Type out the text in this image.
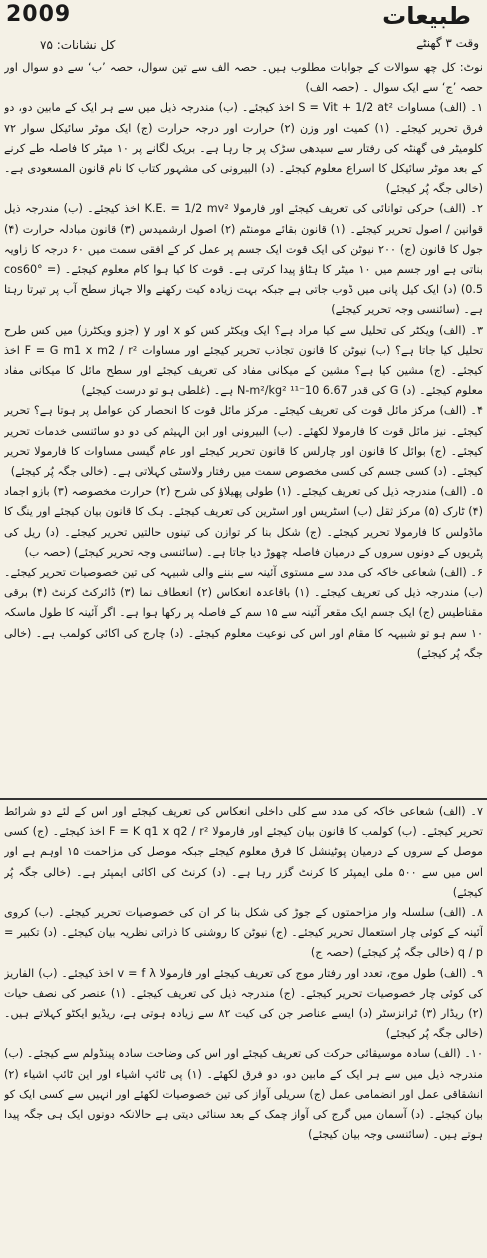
2009	طبیعات
وقت ۳ گھنٹے
کل نشانات: ۷۵

نوٹ: کل چھ سوالات کے جوابات مطلوب ہیں۔ حصہ الف سے تین سوال، حصہ ’ب‘ سے دو سوال اور حصہ ’ج‘ سے ایک سوال ۔ (حصہ الف)

۱۔ (الف) مساوات S = Vit + 1/2 at² اخذ کیجئے۔ (ب) مندرجہ ذیل میں سے ہر ایک کے مابین دو، دو فرق تحریر کیجئے۔ (۱) کمیت اور وزن (۲) حرارت اور درجہ حرارت (ج) ایک موٹر سائیکل سوار ۷۲ کلومیٹر فی گھنٹہ کی رفتار سے سیدھی سڑک پر جا رہا ہے۔ بریک لگانے پر ۱۰ میٹر کا فاصلہ طے کرنے کے بعد موٹر سائیکل کا اسراع معلوم کیجئے۔ (د) البیرونی کی مشہور کتاب کا نام قانون المسعودی ہے۔ (خالی جگہ پُر کیجئے)

۲۔ (الف) حرکی توانائی کی تعریف کیجئے اور فارمولا K.E. = 1/2 mv² اخذ کیجئے۔ (ب) مندرجہ ذیل قوانین / اصول تحریر کیجئے۔ (۱) قانون بقائے مومنٹم (۲) اصول ارشمیدس (۳) قانون مبادلہ حرارت (۴) جول کا قانون (ج) ۲۰۰ نیوٹن کی ایک قوت ایک جسم پر عمل کر کے افقی سمت میں ۶۰ درجہ کا زاویہ بناتی ہے اور جسم میں ۱۰ میٹر کا ہٹاؤ پیدا کرتی ہے۔ قوت کا کیا ہوا کام معلوم کیجئے۔ (cos60° = 0.5) (د) ایک کیل پانی میں ڈوب جاتی ہے جبکہ بہت زیادہ کیت رکھنے والا جہاز سطح آب پر تیرتا رہتا ہے۔ (سائنسی وجہ تحریر کیجئے)

۳۔ (الف) ویکٹر کی تحلیل سے کیا مراد ہے؟ ایک ویکٹر کس کو x اور y (جزو ویکٹرز) میں کس طرح تحلیل کیا جاتا ہے؟ (ب) نیوٹن کا قانون تجاذب تحریر کیجئے اور مساوات F = G m1 x m2 / r² اخذ کیجئے۔ (ج) مشین کیا ہے؟ مشین کے میکانی مفاد کی تعریف کیجئے اور سطح مائل کا میکانی مفاد معلوم کیجئے۔ (د) G کی قدر 6.67 10⁻¹¹ N-m²/kg² ہے۔ (غلطی ہو تو درست کیجئے)

۴۔ (الف) مرکز مائل قوت کی تعریف کیجئے۔ مرکز مائل قوت کا انحصار کن عوامل پر ہوتا ہے؟ تحریر کیجئے۔ نیز مائل قوت کا فارمولا لکھئے۔ (ب) البیرونی اور ابن الہیثم کی دو دو سائنسی خدمات تحریر کیجئے۔ (ج) بوائل کا قانون اور چارلس کا قانون تحریر کیجئے اور عام گیسی مساوات کا فارمولا تحریر کیجئے۔ (د) کسی جسم کی کسی مخصوص سمت میں رفتار ولاسٹی کہلاتی ہے۔ (خالی جگہ پُر کیجئے)

۵۔ (الف) مندرجہ ذیل کی تعریف کیجئے۔ (۱) طولی پھیلاؤ کی شرح (۲) حرارت مخصوصہ (۳) بازو اجماد (۴) ٹارک (۵) مرکز ثقل (ب) اسٹریس اور اسٹرین کی تعریف کیجئے۔ ہک کا قانون بیان کیجئے اور ینگ کا ماڈولس کا فارمولا تحریر کیجئے۔ (ج) شکل بنا کر توازن کی تینوں حالتیں تحریر کیجئے۔ (د) ریل کی پٹریوں کے دونوں سروں کے درمیان فاصلہ چھوڑ دیا جاتا ہے۔ (سائنسی وجہ تحریر کیجئے) (حصہ ب)

۶۔ (الف) شعاعی خاکہ کی مدد سے مستوی آئینہ سے بننے والی شبیہہ کی تین خصوصیات تحریر کیجئے۔ (ب) مندرجہ ذیل کی تعریف کیجئے۔ (۱) باقاعدہ انعکاس (۲) انعطاف نما (۳) ڈائرکٹ کرنٹ (۴) برقی مقناطیس (ج) ایک جسم ایک مقعر آئینہ سے ۱۵ سم کے فاصلہ پر رکھا ہوا ہے۔ اگر آئینہ کا طول ماسکہ ۱۰ سم ہو تو شبیہہ کا مقام اور اس کی نوعیت معلوم کیجئے۔ (د) چارج کی اکائی کولمب ہے۔ (خالی جگہ پُر کیجئے)

۷۔ (الف) شعاعی خاکہ کی مدد سے کلی داخلی انعکاس کی تعریف کیجئے اور اس کے لئے دو شرائط تحریر کیجئے۔ (ب) کولمب کا قانون بیان کیجئے اور فارمولا F = K q1 x q2 / r² اخذ کیجئے۔ (ج) کسی موصل کے سروں کے درمیان پوٹینشل کا فرق معلوم کیجئے جبکہ موصل کی مزاحمت ۱۵ اوہم ہے اور اس میں سے ۵۰۰ ملی ایمپئر کا کرنٹ گزر رہا ہے۔ (د) کرنٹ کی اکائی ایمپئر ہے۔ (خالی جگہ پُر کیجئے)

۸۔ (الف) سلسلہ وار مزاحمتوں کے جوڑ کی شکل بنا کر ان کی خصوصیات تحریر کیجئے۔ (ب) کروی آئینہ کے کوئی چار استعمال تحریر کیجئے۔ (ج) نیوٹن کا روشنی کا ذراتی نظریہ بیان کیجئے۔ (د) تکبیر = q / p (خالی جگہ پُر کیجئے) (حصہ ج)

۹۔ (الف) طول موج، تعدد اور رفتار موج کی تعریف کیجئے اور فارمولا v = f λ اخذ کیجئے۔ (ب) الفاریز کی کوئی چار خصوصیات تحریر کیجئے۔ (ج) مندرجہ ذیل کی تعریف کیجئے۔ (۱) عنصر کی نصف حیات (۲) ریڈار (۳) ٹرانزسٹر (د) ایسے عناصر جن کی کیت ۸۲ سے زیادہ ہوتی ہے، ریڈیو ایکٹو کہلاتے ہیں۔ (خالی جگہ پُر کیجئے)

۱۰۔ (الف) سادہ موسیقائی حرکت کی تعریف کیجئے اور اس کی وضاحت سادہ پینڈولم سے کیجئے۔ (ب) مندرجہ ذیل میں سے ہر ایک کے مابین دو، دو فرق لکھئے۔ (۱) پی ٹائپ اشیاء اور این ٹائپ اشیاء (۲) انشقاقی عمل اور انضمامی عمل (ج) سریلی آواز کی تین خصوصیات لکھئے اور انہیں سے کسی ایک کو بیان کیجئے۔ (د) آسمان میں گرج کی آواز چمک کے بعد سنائی دیتی ہے حالانکہ دونوں ایک ہی جگہ پیدا ہوتے ہیں۔ (سائنسی وجہ بیان کیجئے)
